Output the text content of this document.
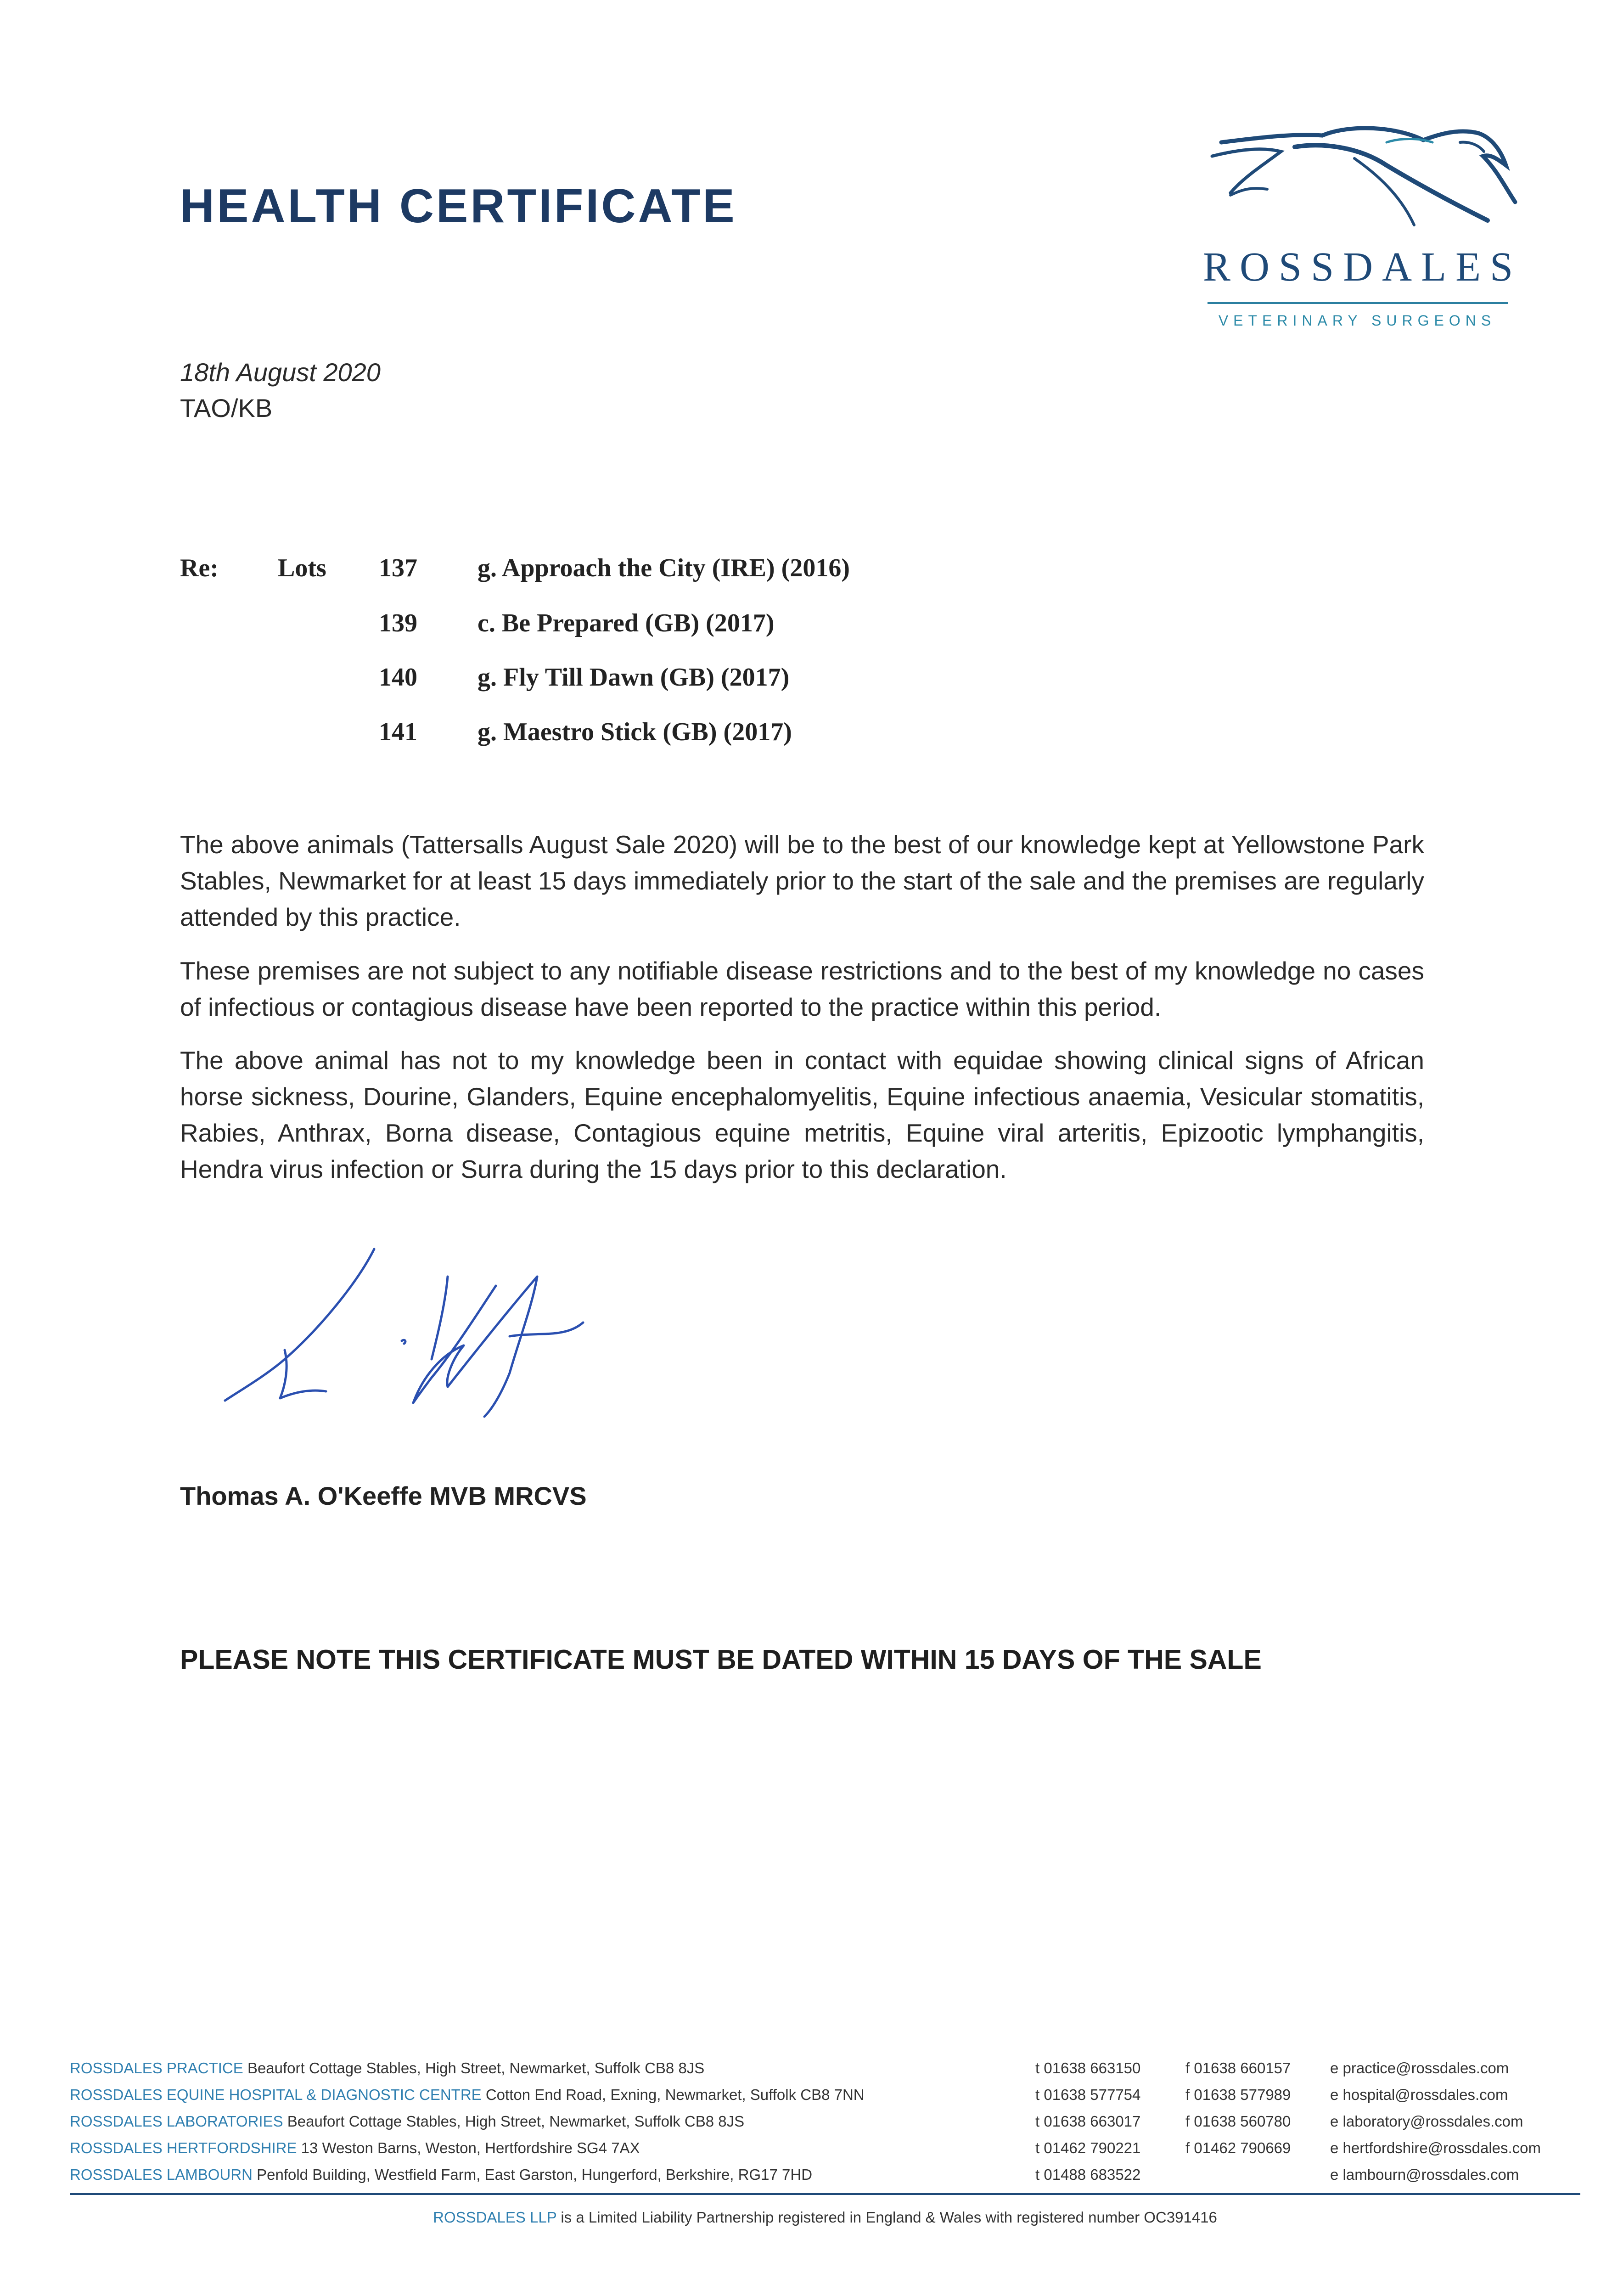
HEALTH CERTIFICATE
ROSSDALES
VETERINARY SURGEONS
18th August 2020
TAO/KB
Re: Lots 137 g. Approach the City (IRE) (2016)
139 c. Be Prepared (GB) (2017)
140 g. Fly Till Dawn (GB) (2017)
141 g. Maestro Stick (GB) (2017)
The above animals (Tattersalls August Sale 2020) will be to the best of our knowledge kept at Yellowstone Park Stables, Newmarket for at least 15 days immediately prior to the start of the sale and the premises are regularly attended by this practice.
These premises are not subject to any notifiable disease restrictions and to the best of my knowledge no cases of infectious or contagious disease have been reported to the practice within this period.
The above animal has not to my knowledge been in contact with equidae showing clinical signs of African horse sickness, Dourine, Glanders, Equine encephalomyelitis, Equine infectious anaemia, Vesicular stomatitis, Rabies, Anthrax, Borna disease, Contagious equine metritis, Equine viral arteritis, Epizootic lymphangitis, Hendra virus infection or Surra during the 15 days prior to this declaration.
Thomas A. O'Keeffe MVB MRCVS
PLEASE NOTE THIS CERTIFICATE MUST BE DATED WITHIN 15 DAYS OF THE SALE
ROSSDALES PRACTICE Beaufort Cottage Stables, High Street, Newmarket, Suffolk CB8 8JS	t 01638 663150	f 01638 660157	e practice@rossdales.com
ROSSDALES EQUINE HOSPITAL & DIAGNOSTIC CENTRE Cotton End Road, Exning, Newmarket, Suffolk CB8 7NN	t 01638 577754	f 01638 577989	e hospital@rossdales.com
ROSSDALES LABORATORIES Beaufort Cottage Stables, High Street, Newmarket, Suffolk CB8 8JS	t 01638 663017	f 01638 560780	e laboratory@rossdales.com
ROSSDALES HERTFORDSHIRE 13 Weston Barns, Weston, Hertfordshire SG4 7AX	t 01462 790221	f 01462 790669	e hertfordshire@rossdales.com
ROSSDALES LAMBOURN Penfold Building, Westfield Farm, East Garston, Hungerford, Berkshire, RG17 7HD	t 01488 683522	e lambourn@rossdales.com
ROSSDALES LLP is a Limited Liability Partnership registered in England & Wales with registered number OC391416
